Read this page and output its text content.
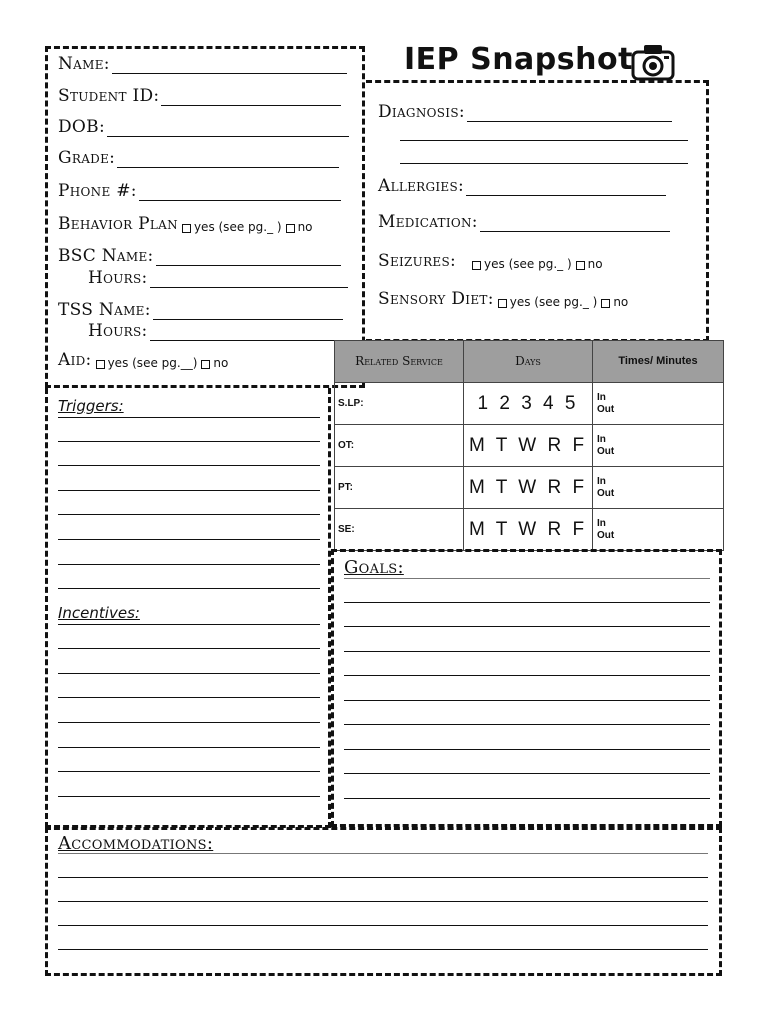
IEP Snapshot
Name:
Student ID:
DOB:
Grade:
Phone #:
Behavior Plan yes (see pg._ ) no
BSC Name:
Hours:
TSS Name:
Hours:
Aid: yes (see pg.__) no
Diagnosis:
Allergies:
Medication:
Seizures: yes (see pg._ ) no
Sensory Diet: yes (see pg._ ) no
Related Service	Days	Times/ Minutes
S.LP:	1 2 3 4 5	In
Out

OT:	M T W R F	In
Out

PT:	M T W R F	In
Out

SE:	M T W R F	In
Out
Triggers:
Incentives:
Goals:
Accommodations:
